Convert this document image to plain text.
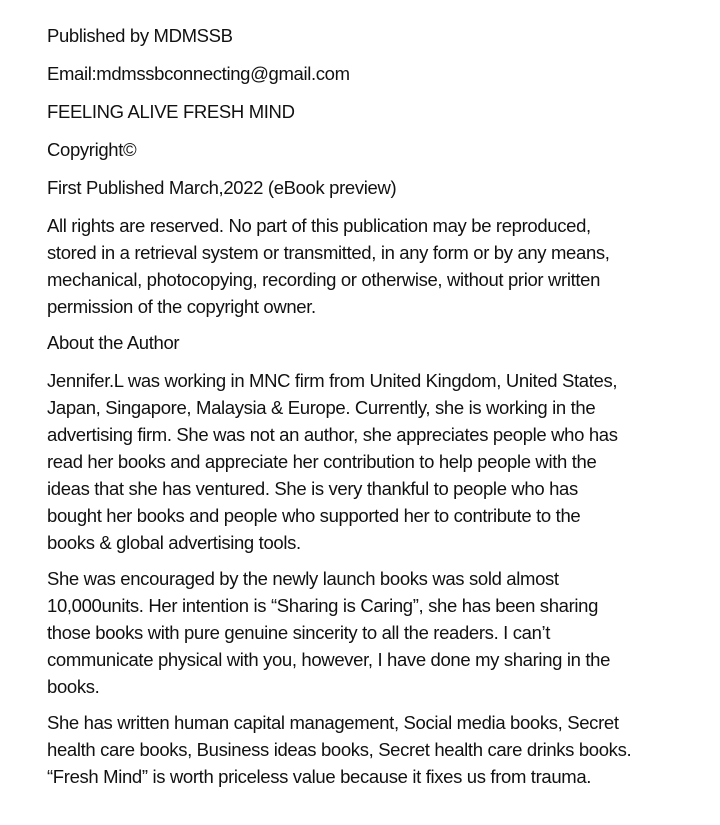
Published by MDMSSB
Email:mdmssbconnecting@gmail.com
FEELING ALIVE FRESH MIND
Copyright©
First Published March,2022 (eBook preview)
All rights are reserved. No part of this publication may be reproduced,
stored in a retrieval system or transmitted, in any form or by any means,
mechanical, photocopying, recording or otherwise, without prior written
permission of the copyright owner.
About the Author
Jennifer.L was working in MNC firm from United Kingdom, United States,
Japan, Singapore, Malaysia & Europe. Currently, she is working in the
advertising firm. She was not an author, she appreciates people who has
read her books and appreciate her contribution to help people with the
ideas that she has ventured. She is very thankful to people who has
bought her books and people who supported her to contribute to the
books & global advertising tools.
She was encouraged by the newly launch books was sold almost
10,000units. Her intention is “Sharing is Caring”, she has been sharing
those books with pure genuine sincerity to all the readers. I can’t
communicate physical with you, however, I have done my sharing in the
books.
She has written human capital management, Social media books, Secret
health care books, Business ideas books, Secret health care drinks books.
“Fresh Mind” is worth priceless value because it fixes us from trauma.
